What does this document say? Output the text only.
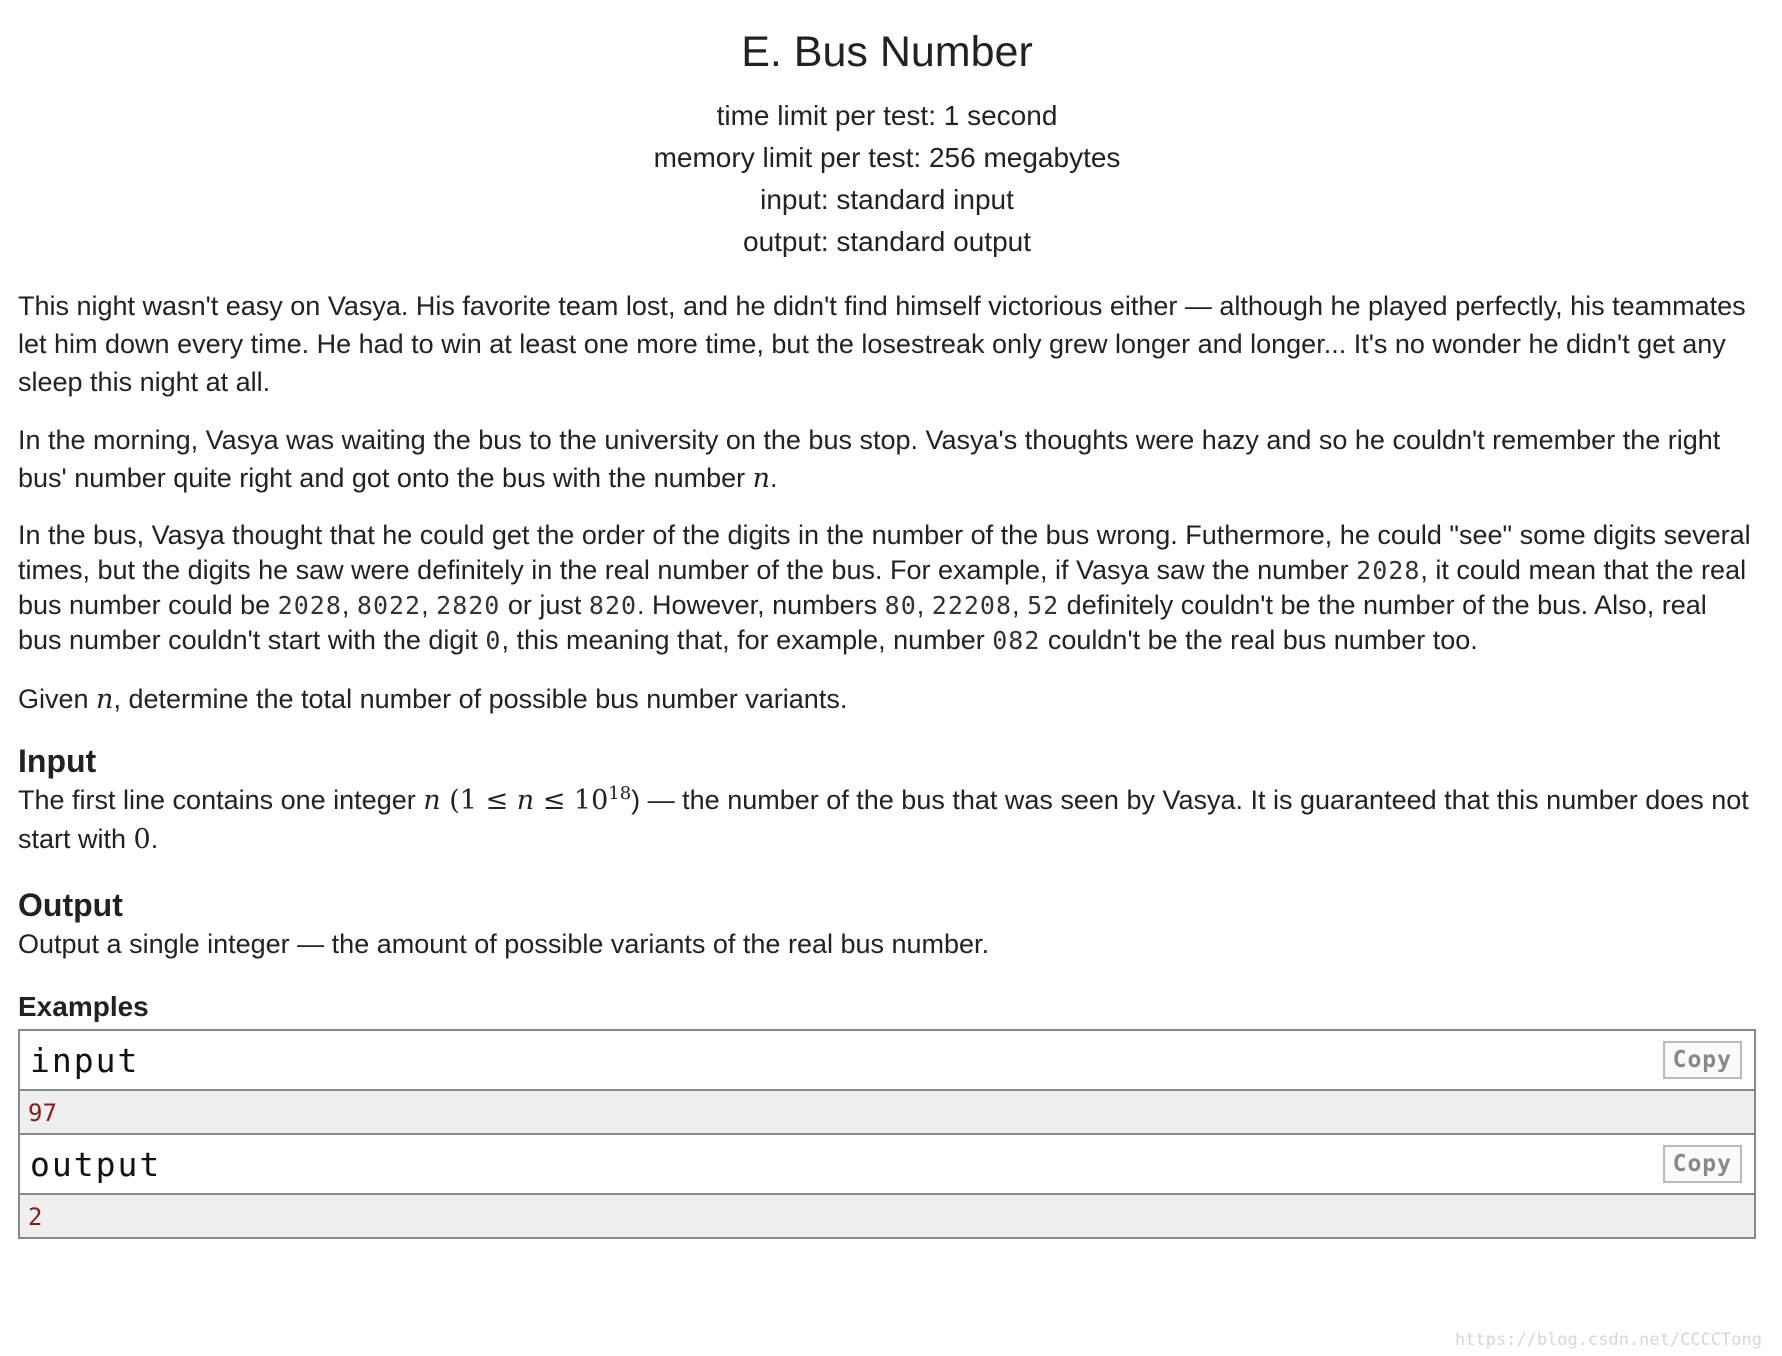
E. Bus Number
time limit per test: 1 second
memory limit per test: 256 megabytes
input: standard input
output: standard output

This night wasn't easy on Vasya. His favorite team lost, and he didn't find himself victorious either — although he played perfectly, his teammates let him down every time. He had to win at least one more time, but the losestreak only grew longer and longer... It's no wonder he didn't get any sleep this night at all.

In the morning, Vasya was waiting the bus to the university on the bus stop. Vasya's thoughts were hazy and so he couldn't remember the right bus' number quite right and got onto the bus with the number n.

In the bus, Vasya thought that he could get the order of the digits in the number of the bus wrong. Futhermore, he could "see" some digits several times, but the digits he saw were definitely in the real number of the bus. For example, if Vasya saw the number 2028, it could mean that the real bus number could be 2028, 8022, 2820 or just 820. However, numbers 80, 22208, 52 definitely couldn't be the number of the bus. Also, real bus number couldn't start with the digit 0, this meaning that, for example, number 082 couldn't be the real bus number too.

Given n, determine the total number of possible bus number variants.

Input

The first line contains one integer n $(1 \le n \le 10^{18})$ — the number of the bus that was seen by Vasya. It is guaranteed that this number does not start with 0.

Output

Output a single integer — the amount of possible variants of the real bus number.

Examples
input	Copy
97
output	Copy
2
https://blog.csdn.net/CCCCTong
